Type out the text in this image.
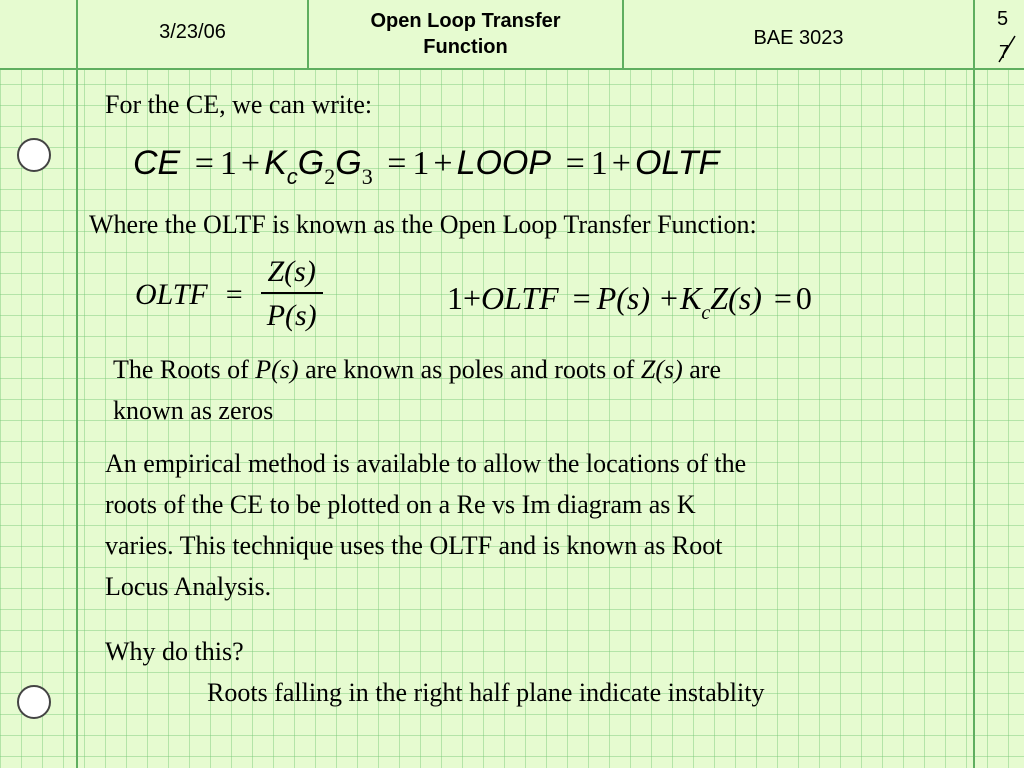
3/23/06	Open Loop Transfer
Function	BAE 3023
5
7
For the CE, we can write:
CE = $1 + K_cG_2G_3 = 1$ + LOOP = 1 + OLTF
Where the OLTF is known as the Open Loop Transfer Function:
OLTF = $\frac{Z(s)}{P(s)}$	1+OLTF = $P(s) +K_cZ(s) = 0$
The Roots of P(s) are known as poles and roots of Z(s) are
known as zeros
An empirical method is available to allow the locations of the
roots of the CE to be plotted on a Re vs Im diagram as K
varies. This technique uses the OLTF and is known as Root
Locus Analysis.
Why do this?
Roots falling in the right half plane indicate instablity
